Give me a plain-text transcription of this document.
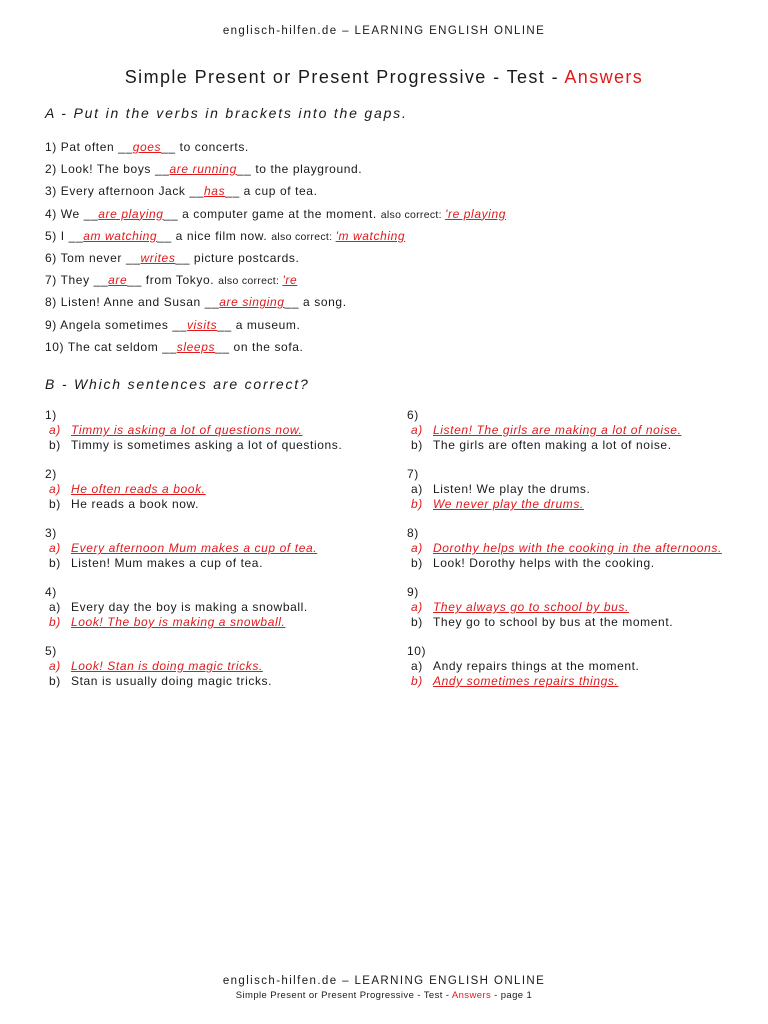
englisch-hilfen.de – LEARNING ENGLISH ONLINE
Simple Present or Present Progressive - Test - Answers
A - Put in the verbs in brackets into the gaps.
1) Pat often __goes__ to concerts.
2) Look! The boys __are running__ to the playground.
3) Every afternoon Jack __has__ a cup of tea.
4) We __are playing__ a computer game at the moment. also correct: 're playing
5) I __am watching__ a nice film now. also correct: 'm watching
6) Tom never __writes__ picture postcards.
7) They __are__ from Tokyo. also correct: 're
8) Listen! Anne and Susan __are singing__ a song.
9) Angela sometimes __visits__ a museum.
10) The cat seldom __sleeps__ on the sofa.
B - Which sentences are correct?
1)
a) Timmy is asking a lot of questions now.
b) Timmy is sometimes asking a lot of questions.
2)
a) He often reads a book.
b) He reads a book now.
3)
a) Every afternoon Mum makes a cup of tea.
b) Listen! Mum makes a cup of tea.
4)
a) Every day the boy is making a snowball.
b) Look! The boy is making a snowball.
5)
a) Look! Stan is doing magic tricks.
b) Stan is usually doing magic tricks.
6)
a) Listen! The girls are making a lot of noise.
b) The girls are often making a lot of noise.
7)
a) Listen! We play the drums.
b) We never play the drums.
8)
a) Dorothy helps with the cooking in the afternoons.
b) Look! Dorothy helps with the cooking.
9)
a) They always go to school by bus.
b) They go to school by bus at the moment.
10)
a) Andy repairs things at the moment.
b) Andy sometimes repairs things.
englisch-hilfen.de – LEARNING ENGLISH ONLINE
Simple Present or Present Progressive - Test - Answers - page 1
